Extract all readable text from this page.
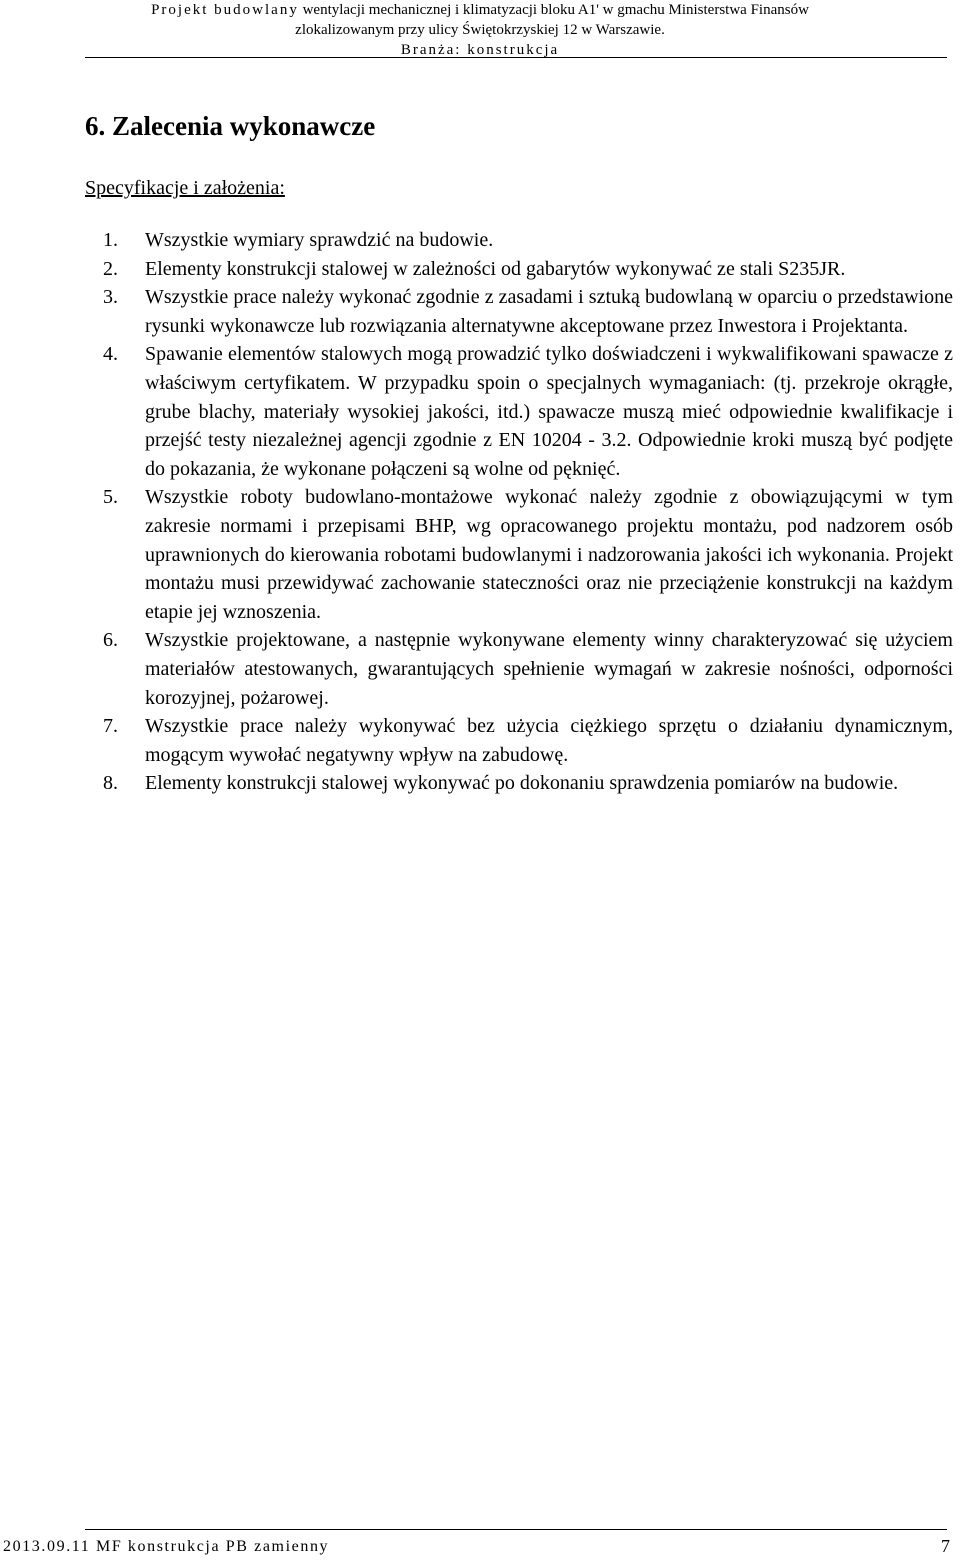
Projekt budowlany wentylacji mechanicznej i klimatyzacji bloku A1' w gmachu Ministerstwa Finansów
zlokalizowanym przy ulicy Świętokrzyskiej 12 w Warszawie.
Branża: konstrukcja
6. Zalecenia wykonawcze
Specyfikacje i założenia:
1. Wszystkie wymiary sprawdzić na budowie.
2. Elementy konstrukcji stalowej w zależności od gabarytów wykonywać ze stali S235JR.
3. Wszystkie prace należy wykonać zgodnie z zasadami i sztuką budowlaną w oparciu o przedstawione rysunki wykonawcze lub rozwiązania alternatywne akceptowane przez Inwestora i Projektanta.
4. Spawanie elementów stalowych mogą prowadzić tylko doświadczeni i wykwalifikowani spawacze z właściwym certyfikatem. W przypadku spoin o specjalnych wymaganiach: (tj. przekroje okrągłe, grube blachy, materiały wysokiej jakości, itd.) spawacze muszą mieć odpowiednie kwalifikacje i przejść testy niezależnej agencji zgodnie z EN 10204 - 3.2. Odpowiednie kroki muszą być podjęte do pokazania, że wykonane połączeni są wolne od pęknięć.
5. Wszystkie roboty budowlano-montażowe wykonać należy zgodnie z obowiązującymi w tym zakresie normami i przepisami BHP, wg opracowanego projektu montażu, pod nadzorem osób uprawnionych do kierowania robotami budowlanymi i nadzorowania jakości ich wykonania. Projekt montażu musi przewidywać zachowanie stateczności oraz nie przeciążenie konstrukcji na każdym etapie jej wznoszenia.
6. Wszystkie projektowane, a następnie wykonywane elementy winny charakteryzować się użyciem materiałów atestowanych, gwarantujących spełnienie wymagań w zakresie nośności, odporności korozyjnej, pożarowej.
7. Wszystkie prace należy wykonywać bez użycia ciężkiego sprzętu o działaniu dynamicznym, mogącym wywołać negatywny wpływ na zabudowę.
8. Elementy konstrukcji stalowej wykonywać po dokonaniu sprawdzenia pomiarów na budowie.
2013.09.11 MF konstrukcja PB zamienny	7
